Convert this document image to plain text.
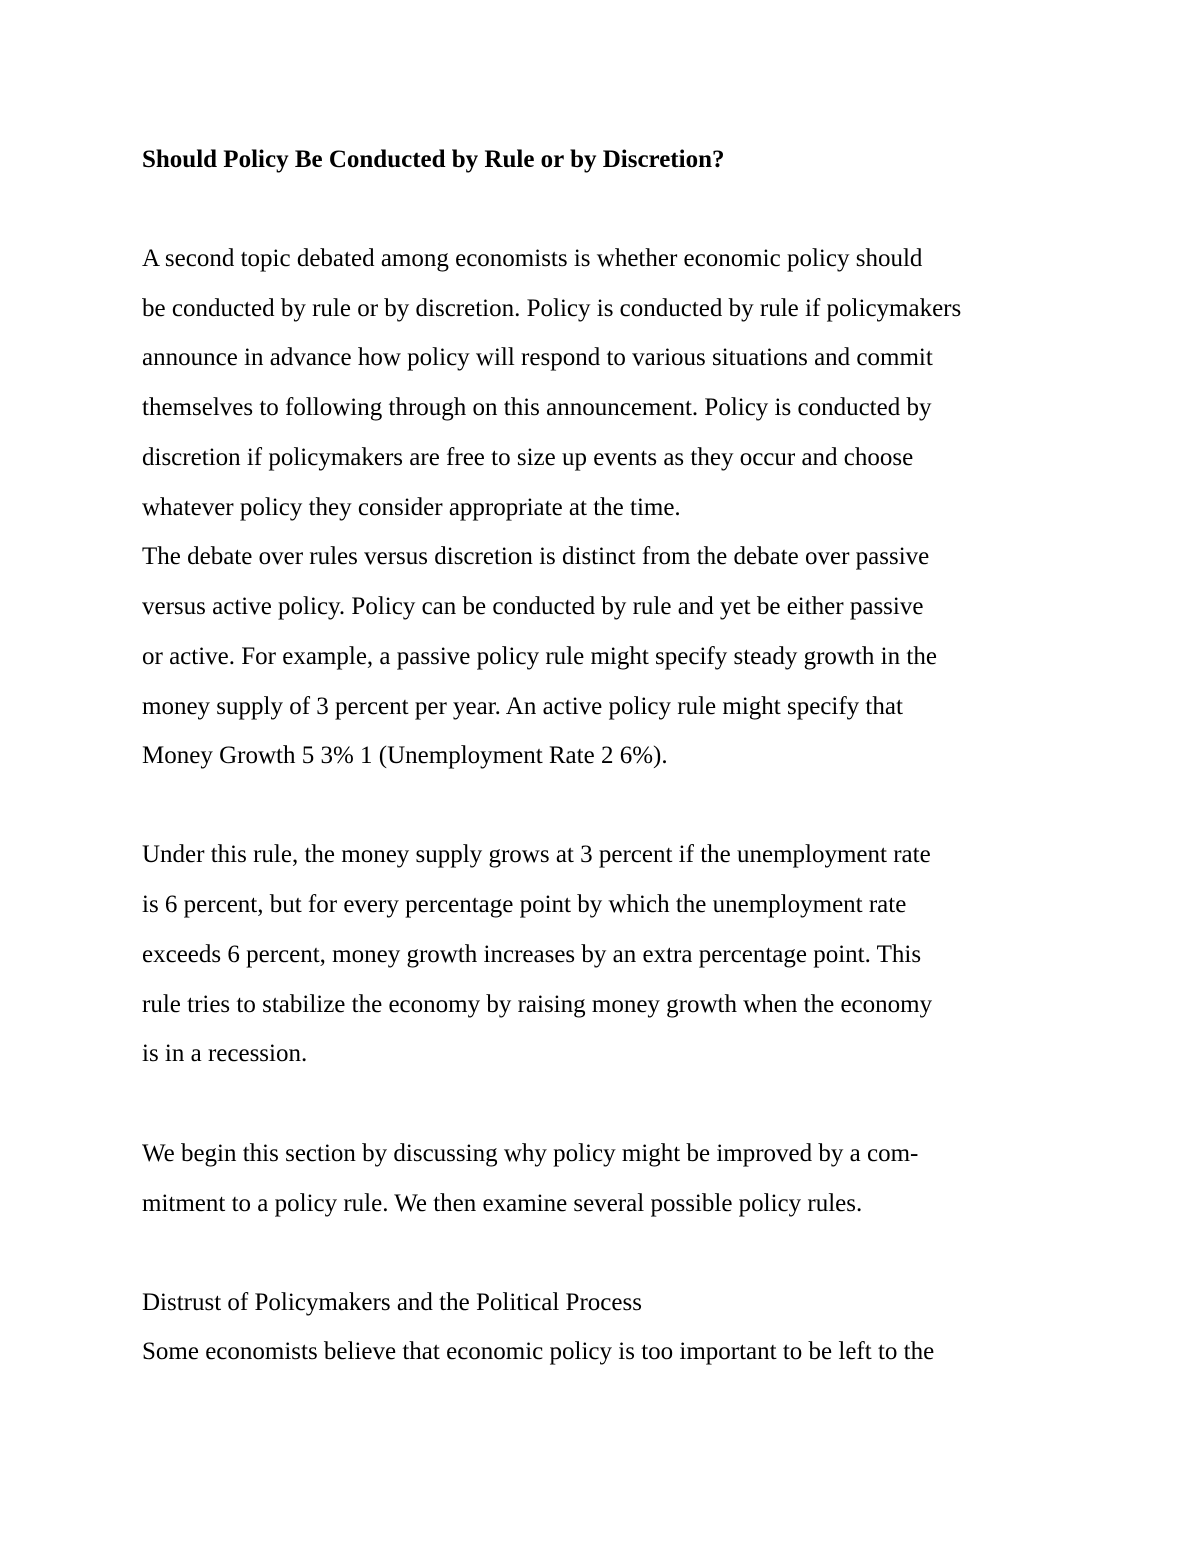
Should Policy Be Conducted by Rule or by Discretion?

A second topic debated among economists is whether economic policy should

be conducted by rule or by discretion. Policy is conducted by rule if policymakers

announce in advance how policy will respond to various situations and commit

themselves to following through on this announcement. Policy is conducted by

discretion if policymakers are free to size up events as they occur and choose

whatever policy they consider appropriate at the time.

The debate over rules versus discretion is distinct from the debate over passive

versus active policy. Policy can be conducted by rule and yet be either passive

or active. For example, a passive policy rule might specify steady growth in the

money supply of 3 percent per year. An active policy rule might specify that

Money Growth 5 3% 1 (Unemployment Rate 2 6%).

Under this rule, the money supply grows at 3 percent if the unemployment rate

is 6 percent, but for every percentage point by which the unemployment rate

exceeds 6 percent, money growth increases by an extra percentage point. This

rule tries to stabilize the economy by raising money growth when the economy

is in a recession.

We begin this section by discussing why policy might be improved by a com-

mitment to a policy rule. We then examine several possible policy rules.

Distrust of Policymakers and the Political Process

Some economists believe that economic policy is too important to be left to the
